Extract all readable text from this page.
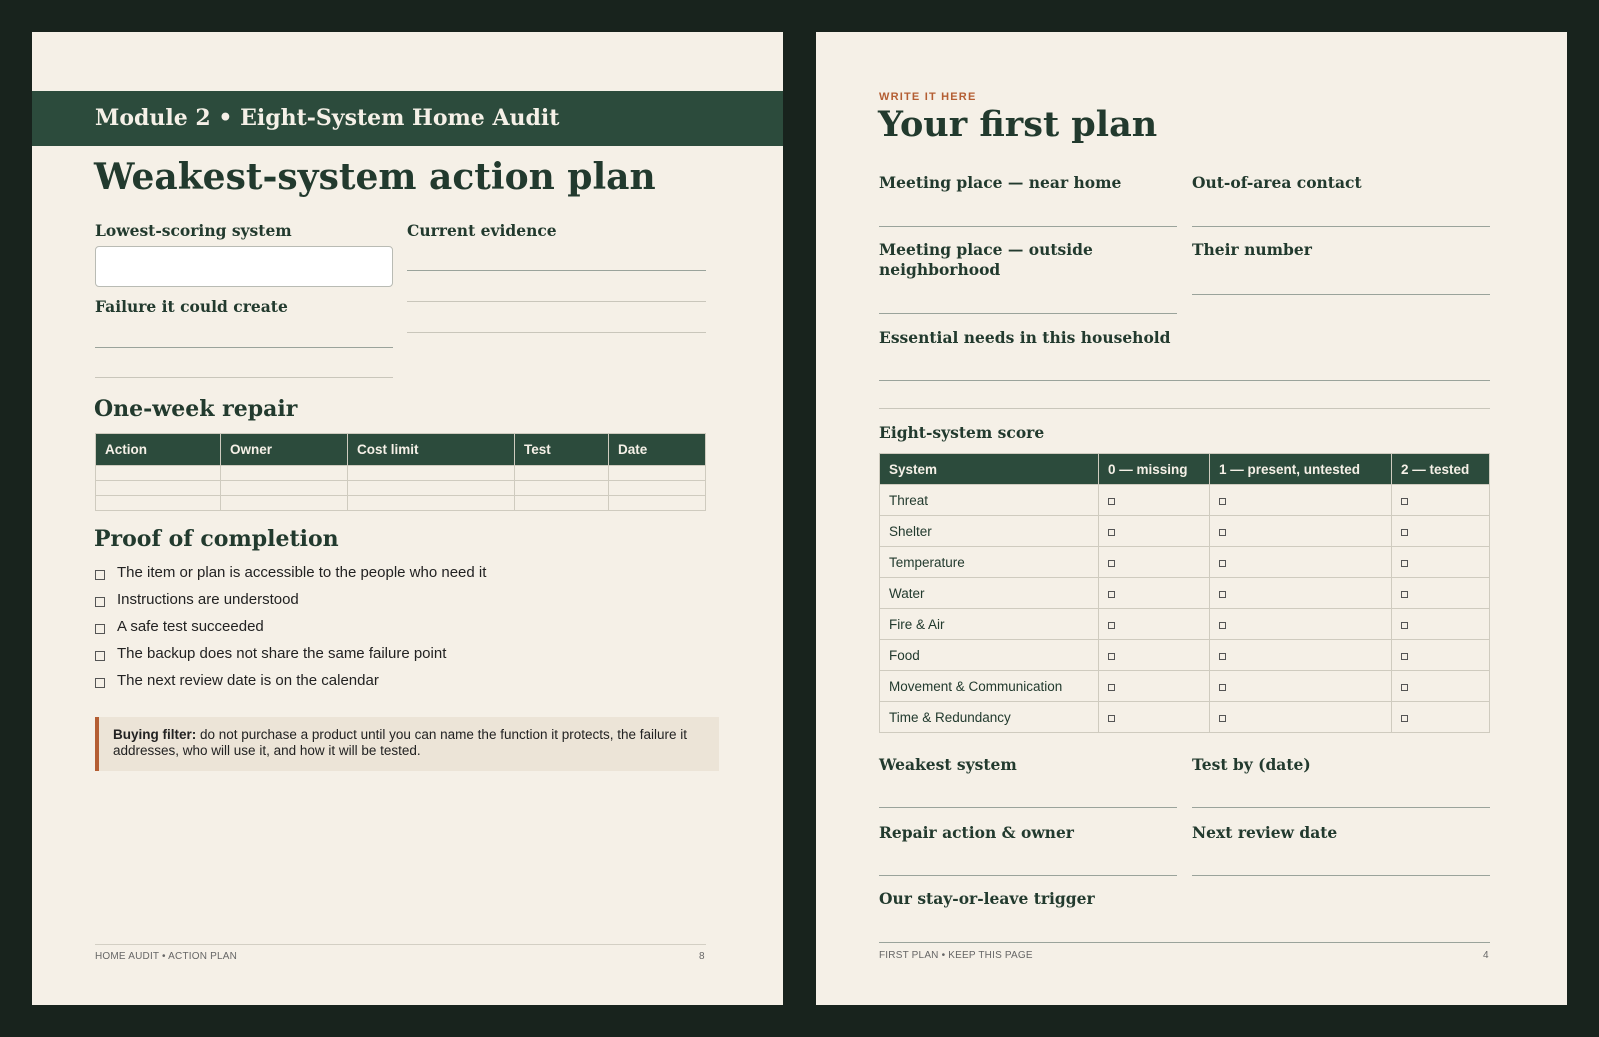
Module 2 • Eight-System Home Audit
Weakest-system action plan
Lowest-scoring system	Current evidence
Failure it could create
One-week repair
Action	Owner	Cost limit	Test	Date

Proof of completion
The item or plan is accessible to the people who need it
Instructions are understood
A safe test succeeded
The backup does not share the same failure point
The next review date is on the calendar
Buying filter: do not purchase a product until you can name the function it protects, the failure it addresses, who will use it, and how it will be tested.
HOME AUDIT • ACTION PLAN	8
WRITE IT HERE
Your first plan
Meeting place — near home	Out-of-area contact
Meeting place — outside neighborhood
Their number
Essential needs in this household
Eight-system score
System	0 — missing	1 — present, untested	2 — tested
Threat			
Shelter			
Temperature			
Water			
Fire & Air			
Food			
Movement & Communication			
Time & Redundancy			
Weakest system	Test by (date)
Repair action & owner	Next review date
Our stay-or-leave trigger
FIRST PLAN • KEEP THIS PAGE	4
